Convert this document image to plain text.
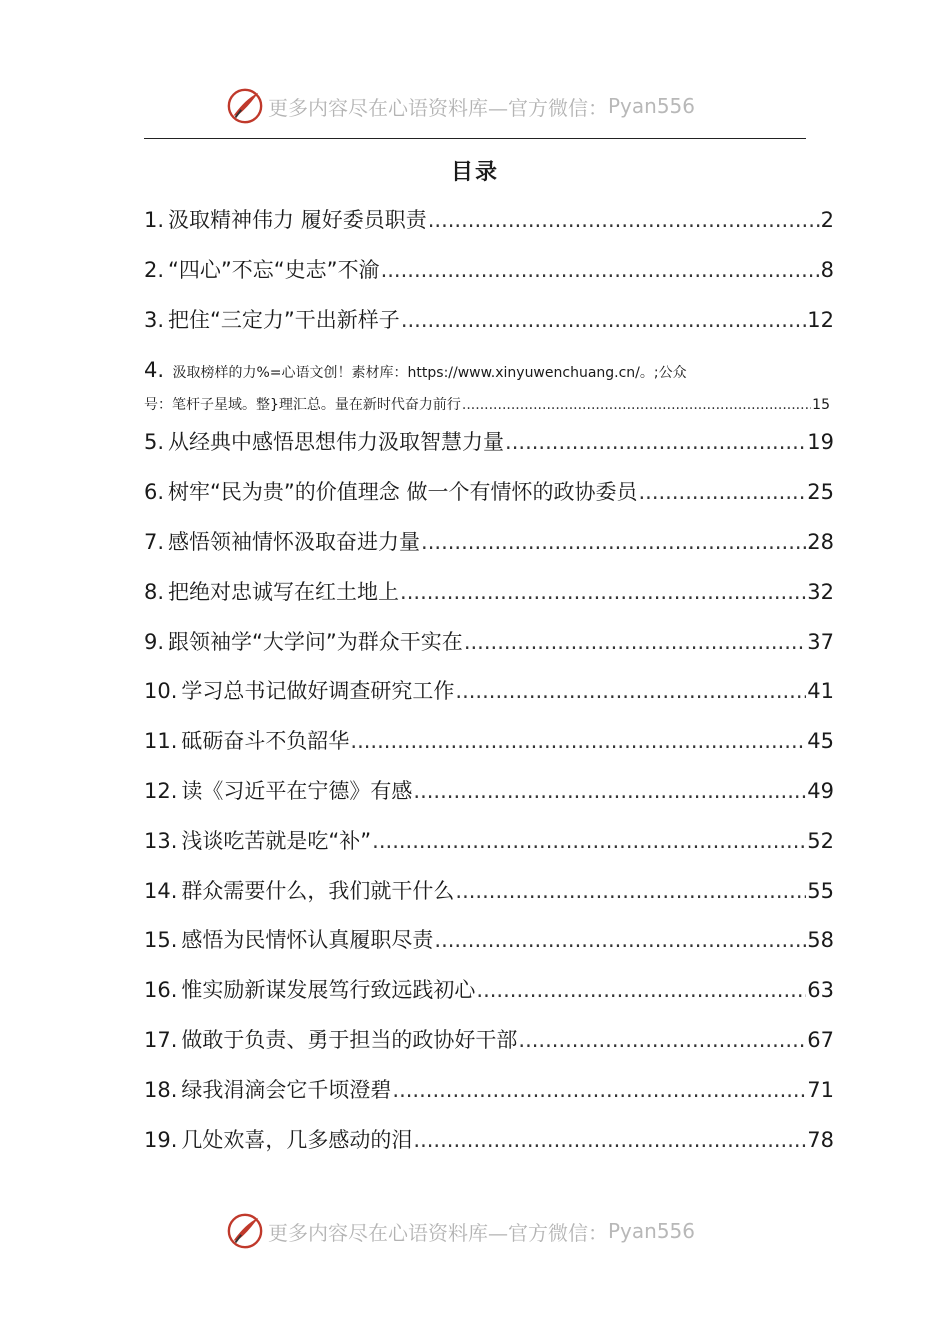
更多内容尽在心语资料库—官方微信： Pyan556
目录
1. 汲取精神伟力 履好委员职责 .....	2
2. “四心”不忘“史志”不渝 .....	8
3. 把住“三定力”干出新样子 .....	12
4. 汲取榜样的力%=心语文创！素材库：https://www.xinyuwenchuang.cn/。;公众
号：笔杆子星域。整}理汇总。量在新时代奋力前行 .....	15
5. 从经典中感悟思想伟力汲取智慧力量 .....	19
6. 树牢“民为贵”的价值理念 做一个有情怀的政协委员 .....	25
7. 感悟领袖情怀汲取奋进力量 .....	28
8. 把绝对忠诚写在红土地上 .....	32
9. 跟领袖学“大学问”为群众干实在 .....	37
10. 学习总书记做好调查研究工作 .....	41
11. 砥砺奋斗不负韶华 .....	45
12. 读《习近平在宁德》有感 .....	49
13. 浅谈吃苦就是吃“补” .....	52
14. 群众需要什么，我们就干什么 .....	55
15. 感悟为民情怀认真履职尽责 .....	58
16. 惟实励新谋发展笃行致远践初心 .....	63
17. 做敢于负责、勇于担当的政协好干部 .....	67
18. 绿我涓滴会它千顷澄碧 .....	71
19. 几处欢喜，几多感动的泪 .....	78
更多内容尽在心语资料库—官方微信： Pyan556
